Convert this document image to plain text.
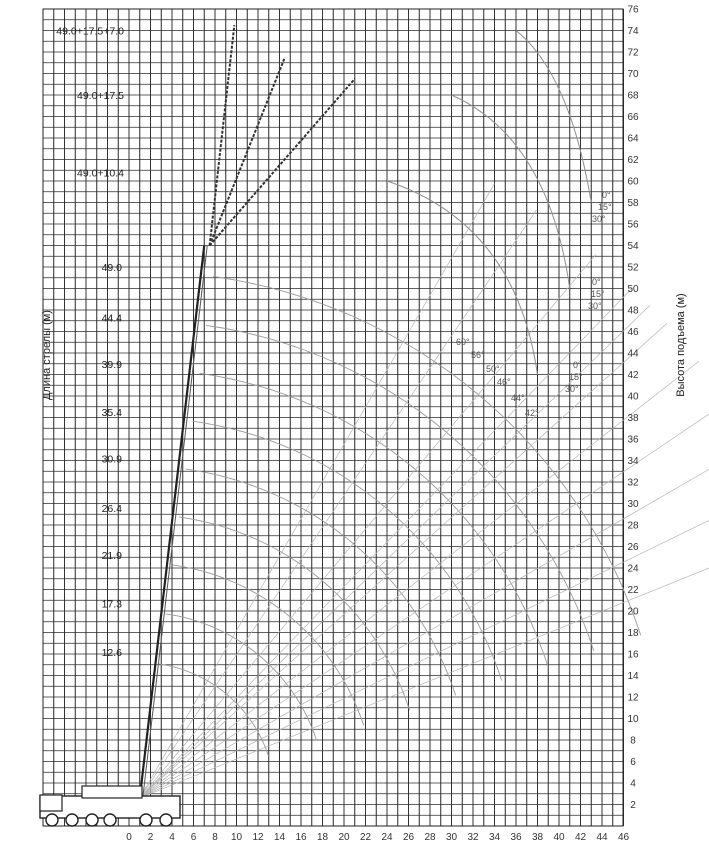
0 2 4 6 8 10 12 14 16 18 20 22 24 26 28 30 32 34 36 38 40 42 44 46
2
4
6
8
10
12
14
16
18
20
22
24
26
28
30
32
34
36
38
40
42
44
46
48
50
52
54
56
58
60
62
64
66
68
70
72
74
76
12.6
17.3
21.9
26.4
30.9
35.4
39.9
44.4
49.0
49.0+10.4
49.0+17.5
49.0+17.5+7.0
0°
15°
30°
0°
15°
30°
0°
15°
30°
60°
56°
50°
46°
44°
42°
Длина стрелы (м)	Высота подъема (м)
